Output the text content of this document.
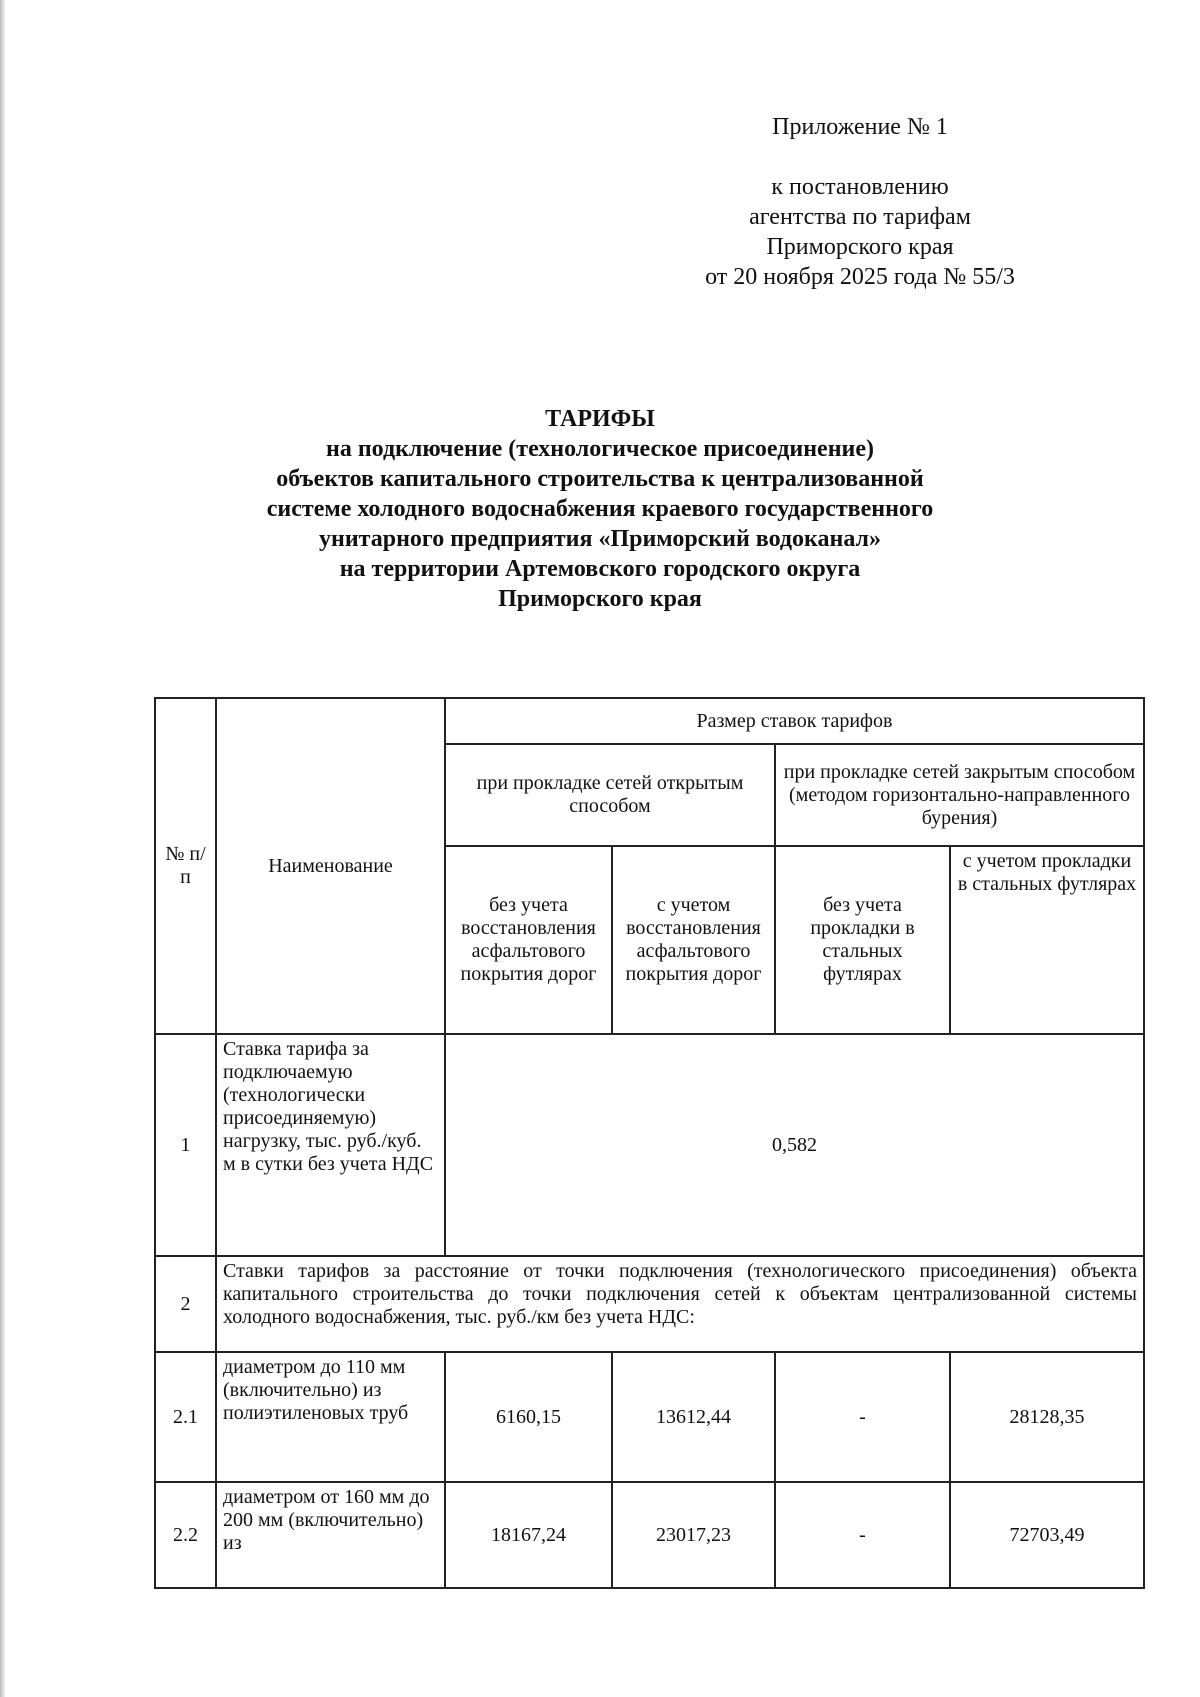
Приложение № 1
к постановлению
агентства по тарифам
Приморского края
от 20 ноября 2025 года № 55/3
ТАРИФЫ
на подключение (технологическое присоединение)
объектов капитального строительства к централизованной
системе холодного водоснабжения краевого государственного
унитарного предприятия «Приморский водоканал»
на территории Артемовского городского округа
Приморского края
№ п/п	Наименование	Размер ставок тарифов			
		при прокладке сетей открытым способом		при прокладке сетей закрытым способом (методом горизонтально-направленного бурения)	
		без учета восстановления асфальтового покрытия дорог	с учетом восстановления асфальтового покрытия дорог	без учета прокладки в стальных футлярах	с учетом прокладки в стальных футлярах
1	Ставка тарифа за подключаемую (технологически присоединяемую) нагрузку, тыс. руб./куб. м в сутки без учета НДС	0,582			
2	Ставки тарифов за расстояние от точки подключения (технологического присоединения) объекта капитального строительства до точки подключения сетей к объектам централизованной системы холодного водоснабжения, тыс. руб./км без учета НДС:				
2.1	диаметром до 110 мм (включительно) из полиэтиленовых труб	6160,15	13612,44	-	28128,35
2.2	диаметром от 160 мм до 200 мм (включительно) из	18167,24	23017,23	-	72703,49
